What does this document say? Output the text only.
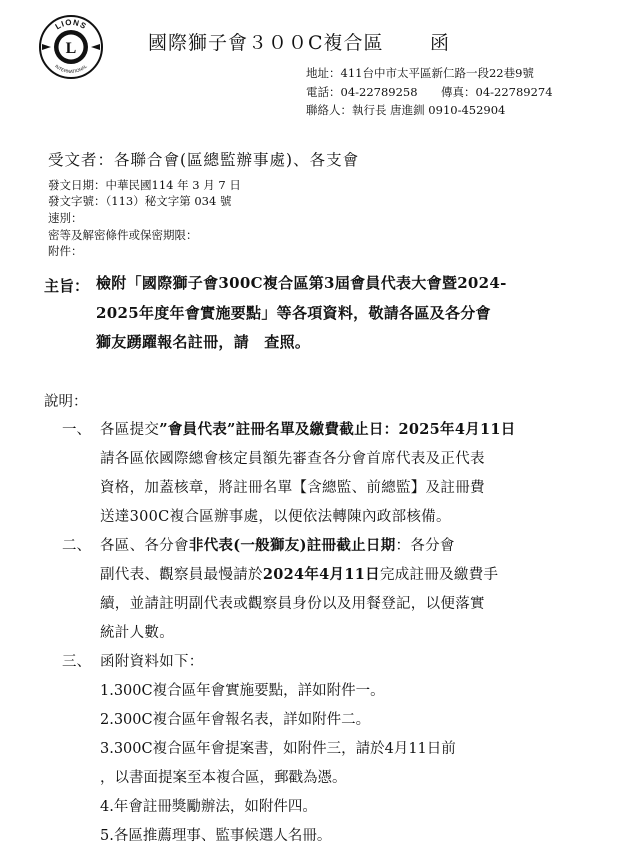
L
LIONS
INTERNATIONAL
國際獅子會３００C複合區 函
地址：411台中市太平區新仁路一段22巷9號
電話：04-22789258 傳真：04-22789274
聯絡人：執行長 唐進釧 0910-452904
受文者：各聯合會(區總監辦事處)、各支會
發文日期：中華民國114 年 3 月 7 日
發文字號：（113）秘文字第 034 號
速別：
密等及解密條件或保密期限：
附件：
主旨： 檢附「國際獅子會300C複合區第3屆會員代表大會暨2024-
2025年度年會實施要點」等各項資料，敬請各區及各分會
獅友踴躍報名註冊，請　查照。
說明：
一、 各區提交”會員代表”註冊名單及繳費截止日：2025年4月11日
請各區依國際總會核定員額先審查各分會首席代表及正代表
資格，加蓋核章，將註冊名單【含總監、前總監】及註冊費
送達300C複合區辦事處，以便依法轉陳內政部核備。
二、 各區、各分會非代表(一般獅友)註冊截止日期：各分會
副代表、觀察員最慢請於2024年4月11日完成註冊及繳費手
續，並請註明副代表或觀察員身份以及用餐登記，以便落實
統計人數。
三、 函附資料如下：
1.300C複合區年會實施要點，詳如附件一。
2.300C複合區年會報名表，詳如附件二。
3.300C複合區年會提案書，如附件三，請於4月11日前
，以書面提案至本複合區，郵戳為憑。
4.年會註冊獎勵辦法，如附件四。
5.各區推薦理事、監事候選人名冊。
